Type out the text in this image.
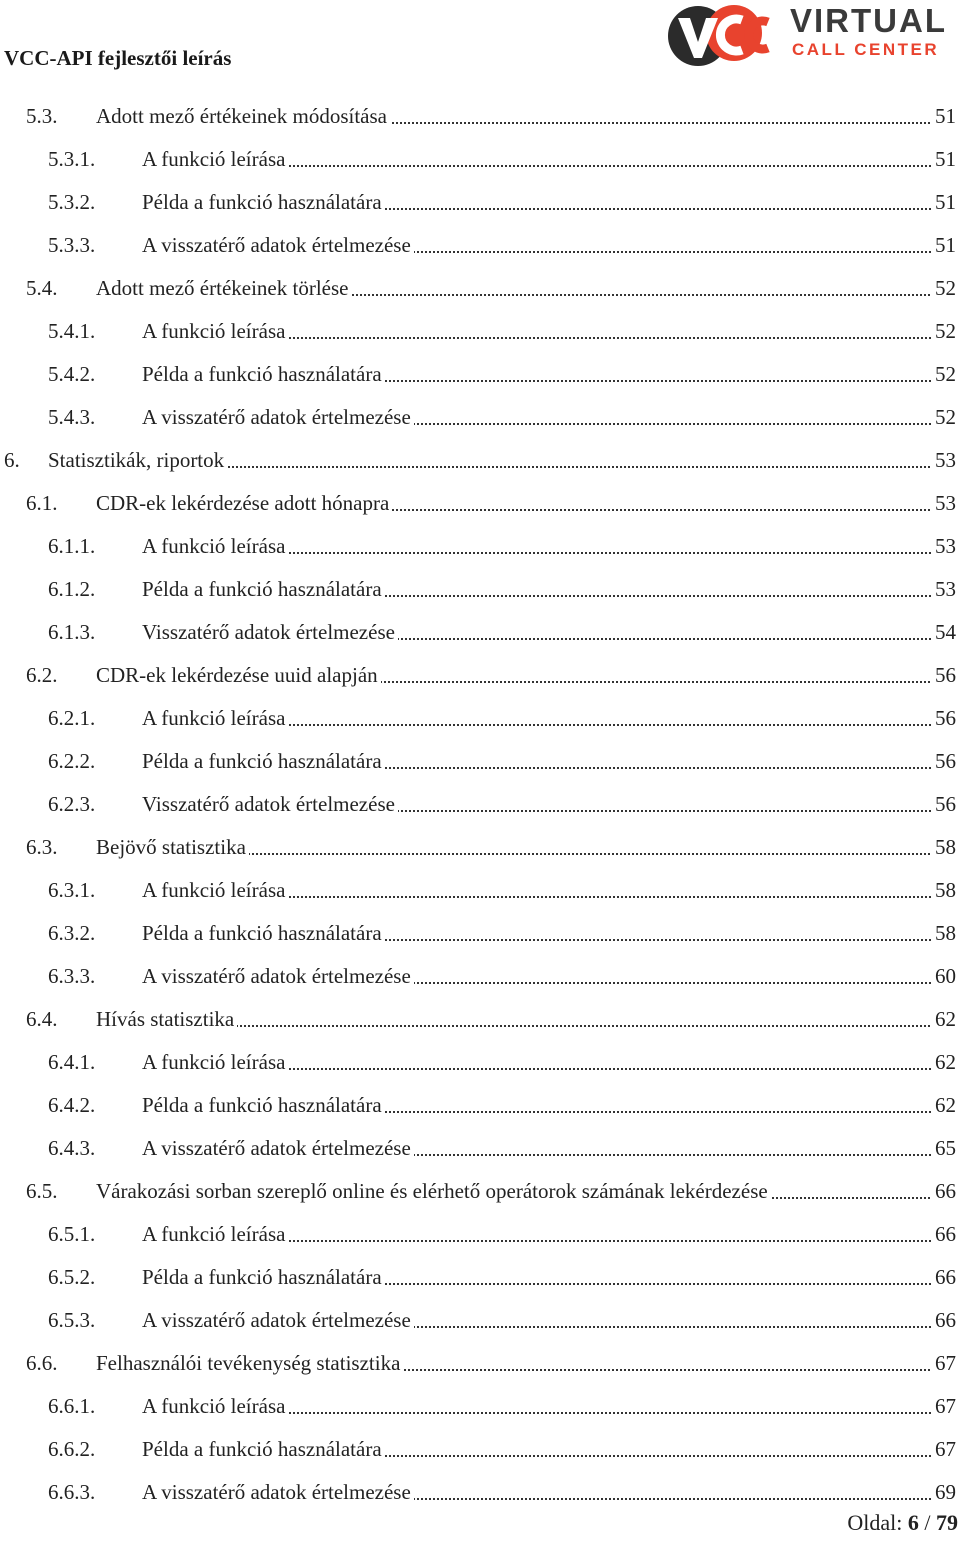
VCC-API fejlesztői leírás	VCC
VIRTUAL
CALL CENTER
5.3. Adott mező értékeinek módosítása	51
5.3.1. A funkció leírása	51
5.3.2. Példa a funkció használatára	51
5.3.3. A visszatérő adatok értelmezése	51
5.4. Adott mező értékeinek törlése	52
5.4.1. A funkció leírása	52
5.4.2. Példa a funkció használatára	52
5.4.3. A visszatérő adatok értelmezése	52
6. Statisztikák, riportok	53
6.1. CDR-ek lekérdezése adott hónapra	53
6.1.1. A funkció leírása	53
6.1.2. Példa a funkció használatára	53
6.1.3. Visszatérő adatok értelmezése	54
6.2. CDR-ek lekérdezése uuid alapján	56
6.2.1. A funkció leírása	56
6.2.2. Példa a funkció használatára	56
6.2.3. Visszatérő adatok értelmezése	56
6.3. Bejövő statisztika	58
6.3.1. A funkció leírása	58
6.3.2. Példa a funkció használatára	58
6.3.3. A visszatérő adatok értelmezése	60
6.4. Hívás statisztika	62
6.4.1. A funkció leírása	62
6.4.2. Példa a funkció használatára	62
6.4.3. A visszatérő adatok értelmezése	65
6.5. Várakozási sorban szereplő online és elérhető operátorok számának lekérdezése	66
6.5.1. A funkció leírása	66
6.5.2. Példa a funkció használatára	66
6.5.3. A visszatérő adatok értelmezése	66
6.6. Felhasználói tevékenység statisztika	67
6.6.1. A funkció leírása	67
6.6.2. Példa a funkció használatára	67
6.6.3. A visszatérő adatok értelmezése	69
Oldal: 6 / 79
